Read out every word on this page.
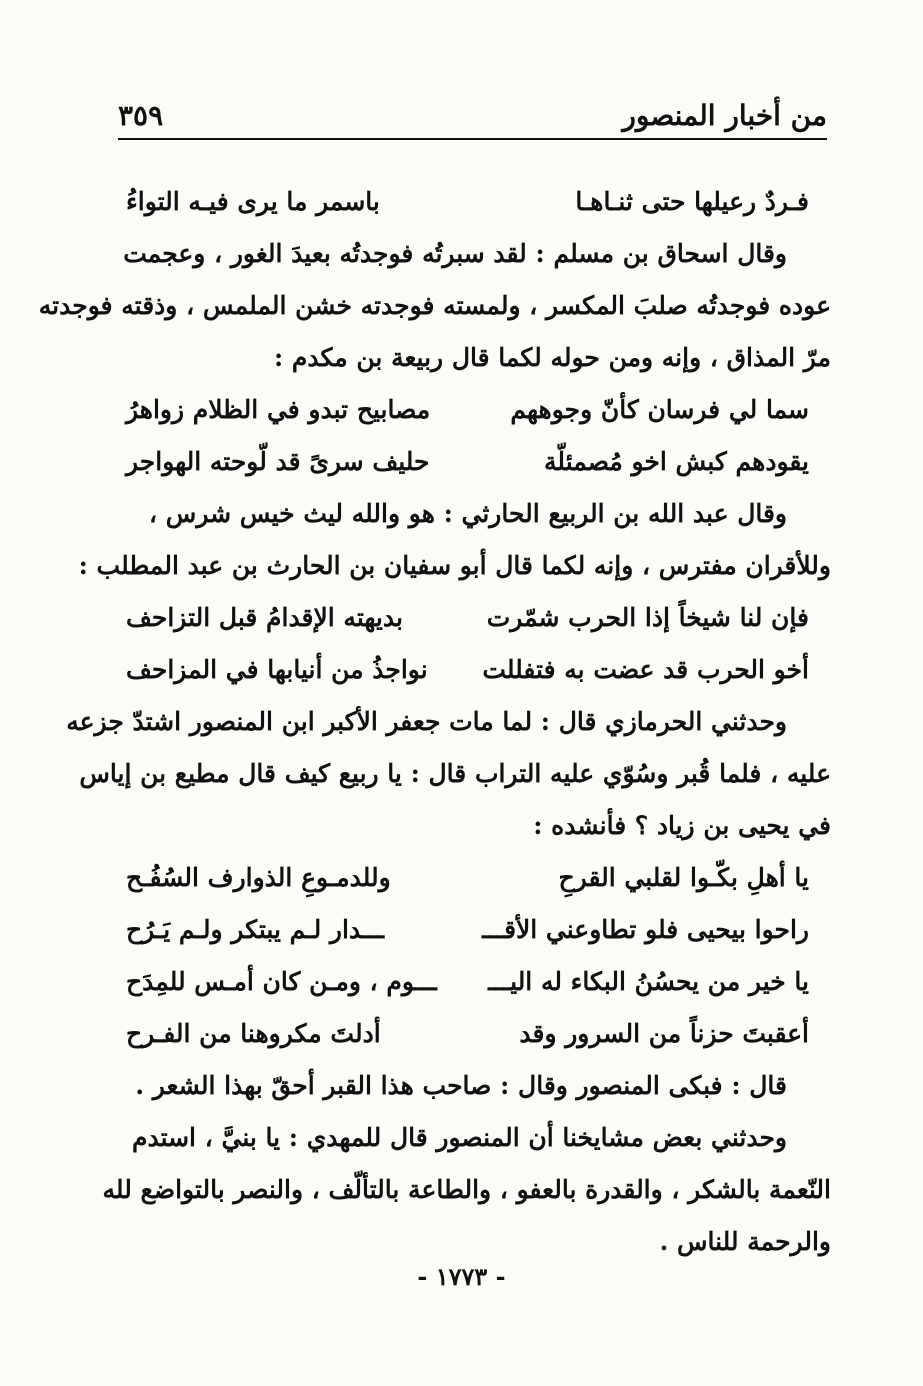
من أخبار المنصور
٣٥٩
فـردٌ رعيلها حتى ثنـاهـا
باسمر ما يرى فيـه التواءُ
وقال اسحاق بن مسلم : لقد سبرتُه فوجدتُه بعيدَ الغور ، وعجمت
عوده فوجدتُه صلبَ المكسر ، ولمسته فوجدته خشن الملمس ، وذقته فوجدته
مرّ المذاق ، وإنه ومن حوله لكما قال ربيعة بن مكدم :
سما لي فرسان كأنّ وجوههم
مصابيح تبدو في الظلام زواهرُ
يقودهم كبش اخو مُصمئلّة
حليف سرىً قد لّوحته الهواجر
وقال عبد الله بن الربيع الحارثي : هو والله ليث خيس شرس ،
وللأقران مفترس ، وإنه لكما قال أبو سفيان بن الحارث بن عبد المطلب :
فإن لنا شيخاً إذا الحرب شمّرت
بديهته الإقدامُ قبل التزاحف
أخو الحرب قد عضت به فتفللت
نواجذُ من أنيابها في المزاحف
وحدثني الحرمازي قال : لما مات جعفر الأكبر ابن المنصور اشتدّ جزعه
عليه ، فلما قُبر وسُوّي عليه التراب قال : يا ربيع كيف قال مطيع بن إياس
في يحيى بن زياد ؟ فأنشده :
يا أهلِ بكّـوا لقلبي القرحِ
وللدمـوعِ الذوارف السُفُـح
راحوا بيحيى فلو تطاوعني الأقـــ
ـــدار لـم يبتكر ولـم يَـرُح
يا خير من يحسُنُ البكاء له اليـــ
ـــوم ، ومـن كان أمـس للمِدَح
أعقبتَ حزناً من السرور وقد
أدلتَ مكروهنا من الفـرح
قال : فبكى المنصور وقال : صاحب هذا القبر أحقّ بهذا الشعر .
وحدثني بعض مشايخنا أن المنصور قال للمهدي : يا بنيَّ ، استدم
النّعمة بالشكر ، والقدرة بالعفو ، والطاعة بالتألّف ، والنصر بالتواضع لله
والرحمة للناس .
- ١٧٧٣ -
